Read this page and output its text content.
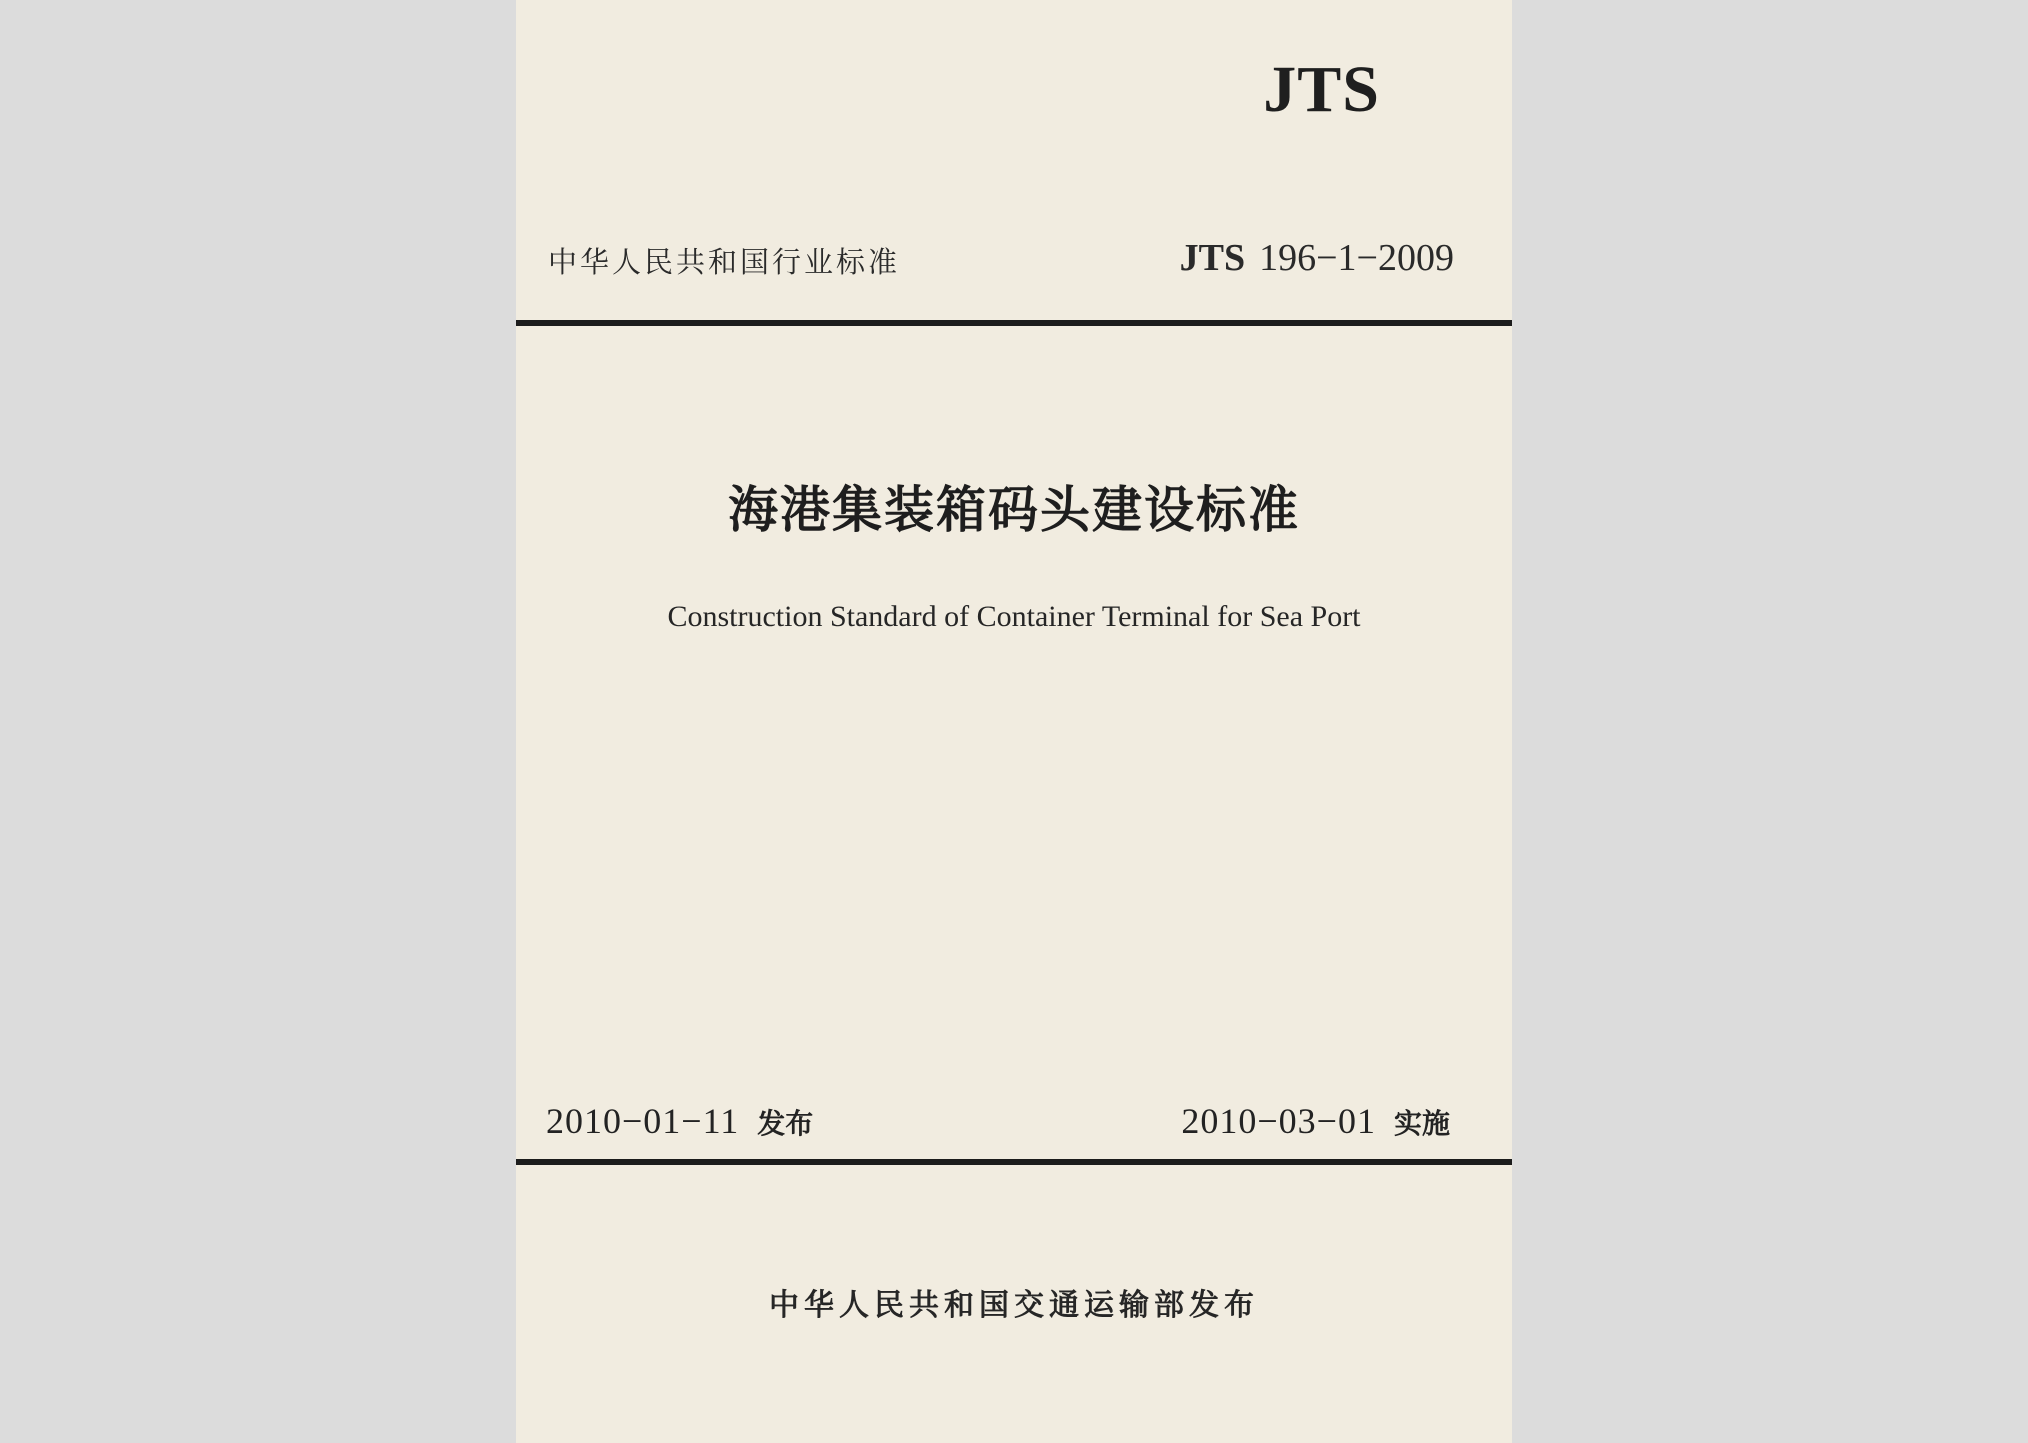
JTS
中华人民共和国行业标准	JTS 196−1−2009
海港集装箱码头建设标准
Construction Standard of Container Terminal for Sea Port
2010−01−11 发布	2010−03−01 实施
中华人民共和国交通运输部发布
